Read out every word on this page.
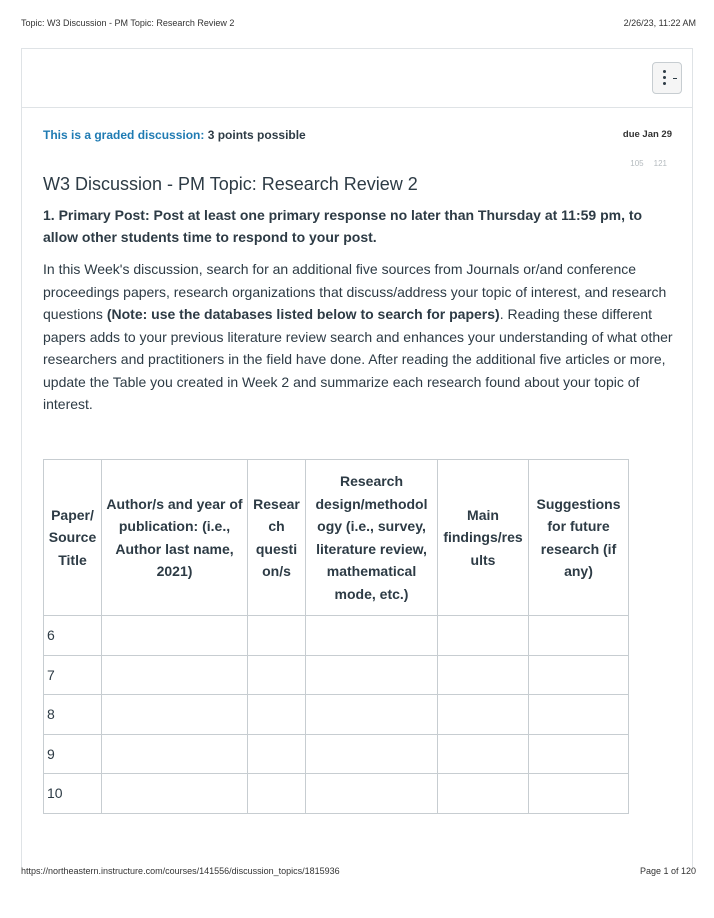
Topic: W3 Discussion - PM Topic: Research Review 2	2/26/23, 11:22 AM
This is a graded discussion: 3 points possible	due Jan 29
105 121
W3 Discussion - PM Topic: Research Review 2
1. Primary Post: Post at least one primary response no later than Thursday at 11:59 pm, to allow other students time to respond to your post.
In this Week's discussion, search for an additional five sources from Journals or/and conference proceedings papers, research organizations that discuss/address your topic of interest, and research questions (Note: use the databases listed below to search for papers). Reading these different papers adds to your previous literature review search and enhances your understanding of what other researchers and practitioners in the field have done. After reading the additional five articles or more, update the Table you created in Week 2 and summarize each research found about your topic of interest.
Paper/ Source Title	Author/s and year of publication: (i.e., Author last name, 2021)	Resear ch questi on/s	Research design/methodol ogy (i.e., survey, literature review, mathematical mode, etc.)	Main findings/res ults	Suggestions for future research (if any)
6					
7					
8					
9					
10					
https://northeastern.instructure.com/courses/141556/discussion_topics/1815936	Page 1 of 120
